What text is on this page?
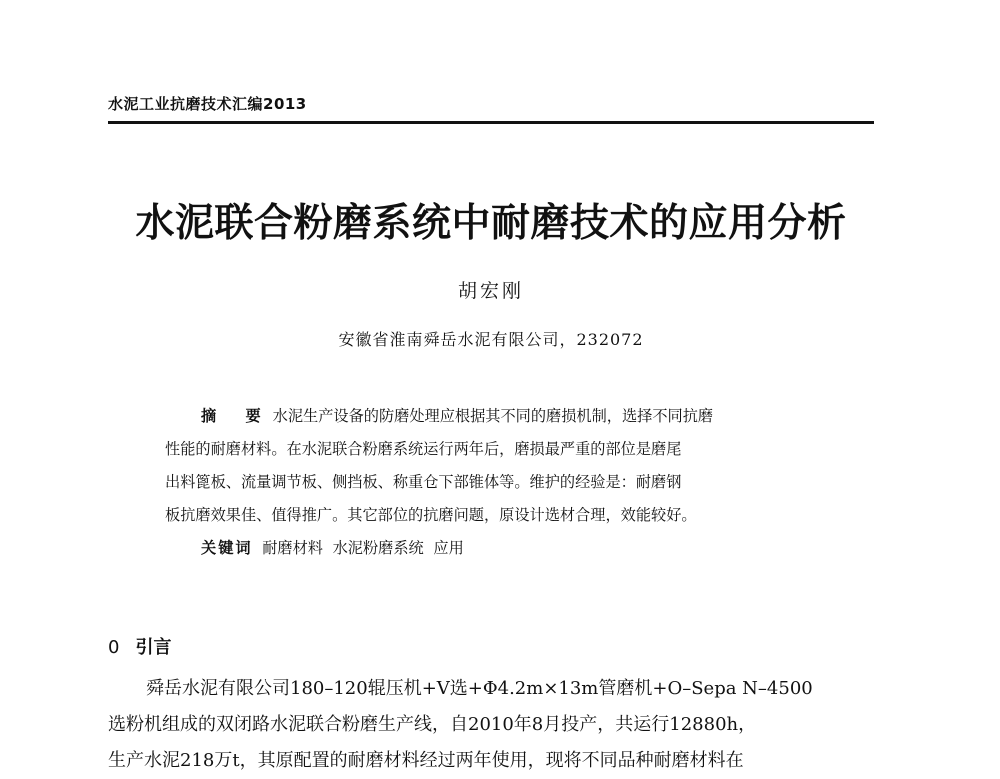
水泥工业抗磨技术汇编2013
水泥联合粉磨系统中耐磨技术的应用分析
胡宏刚
安徽省淮南舜岳水泥有限公司，232072
摘 要水泥生产设备的防磨处理应根据其不同的磨损机制，选择不同抗磨
性能的耐磨材料。在水泥联合粉磨系统运行两年后，磨损最严重的部位是磨尾
出料篦板、流量调节板、侧挡板、称重仓下部锥体等。维护的经验是：耐磨钢
板抗磨效果佳、值得推广。其它部位的抗磨问题，原设计选材合理，效能较好。
关键词 耐磨材料  水泥粉磨系统  应用
0 引言
舜岳水泥有限公司180–120辊压机+V选+Φ4.2m×13m管磨机+O–Sepa N–4500
选粉机组成的双闭路水泥联合粉磨生产线，自2010年8月投产，共运行12880h，
生产水泥218万t，其原配置的耐磨材料经过两年使用，现将不同品种耐磨材料在
